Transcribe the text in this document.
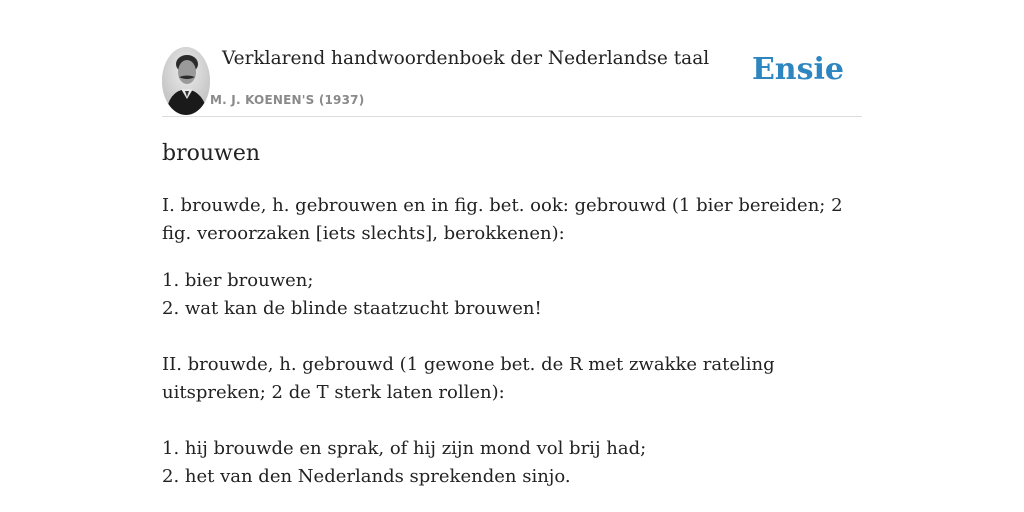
Verklarend handwoordenboek der Nederlandse taal
M. J. KOENEN'S (1937)
Ensie
brouwen

I. brouwde, h. gebrouwen en in fig. bet. ook: gebrouwd (1 bier bereiden; 2 fig. veroorzaken [iets slechts], berokkenen):

1. bier brouwen;

2. wat kan de blinde staatzucht brouwen!

II. brouwde, h. gebrouwd (1 gewone bet. de R met zwakke rateling uitspreken; 2 de T sterk laten rollen):

1. hij brouwde en sprak, of hij zijn mond vol brij had;

2. het van den Nederlands sprekenden sinjo.
